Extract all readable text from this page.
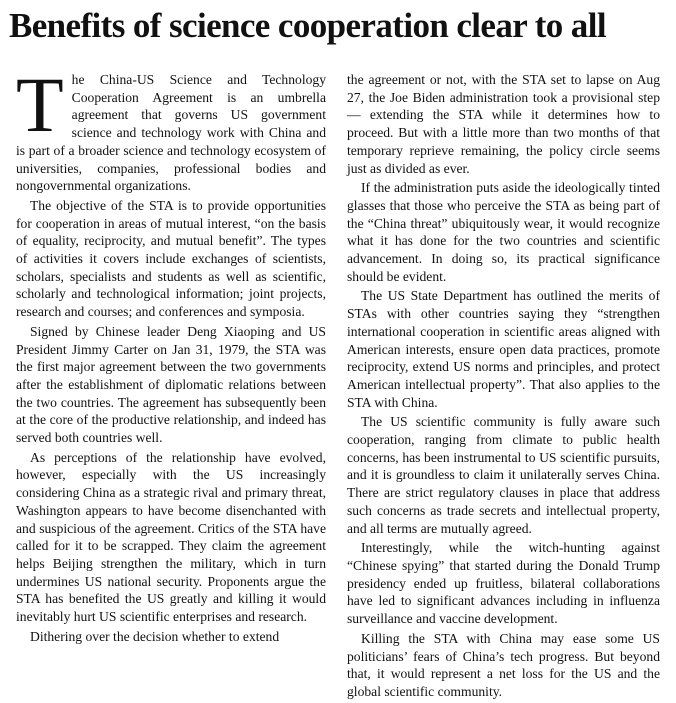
Benefits of science cooperation clear to all

The China-US Science and Technology Cooperation Agreement is an umbrella agreement that governs US government science and technology work with China and is part of a broader science and technology ecosystem of universities, companies, professional bodies and nongovernmental organizations.

The objective of the STA is to provide opportunities for cooperation in areas of mutual interest, “on the basis of equality, reciprocity, and mutual benefit”. The types of activities it covers include exchanges of scientists, scholars, specialists and students as well as scientific, scholarly and technological information; joint projects, research and courses; and conferences and symposia.

Signed by Chinese leader Deng Xiaoping and US President Jimmy Carter on Jan 31, 1979, the STA was the first major agreement between the two governments after the establishment of diplomatic relations between the two countries. The agreement has subsequently been at the core of the productive relationship, and indeed has served both countries well.

As perceptions of the relationship have evolved, however, especially with the US increasingly considering China as a strategic rival and primary threat, Washington appears to have become disenchanted with and suspicious of the agreement. Critics of the STA have called for it to be scrapped. They claim the agreement helps Beijing strengthen the military, which in turn undermines US national security. Proponents argue the STA has benefited the US greatly and killing it would inevitably hurt US scientific enterprises and research.

Dithering over the decision whether to extend

the agreement or not, with the STA set to lapse on Aug 27, the Joe Biden administration took a provisional step — extending the STA while it determines how to proceed. But with a little more than two months of that temporary reprieve remaining, the policy circle seems just as divided as ever.

If the administration puts aside the ideologically tinted glasses that those who perceive the STA as being part of the “China threat” ubiquitously wear, it would recognize what it has done for the two countries and scientific advancement. In doing so, its practical significance should be evident.

The US State Department has outlined the merits of STAs with other countries saying they “strengthen international cooperation in scientific areas aligned with American interests, ensure open data practices, promote reciprocity, extend US norms and principles, and protect American intellectual property”. That also applies to the STA with China.

The US scientific community is fully aware such cooperation, ranging from climate to public health concerns, has been instrumental to US scientific pursuits, and it is groundless to claim it unilaterally serves China. There are strict regulatory clauses in place that address such concerns as trade secrets and intellectual property, and all terms are mutually agreed.

Interestingly, while the witch-hunting against “Chinese spying” that started during the Donald Trump presidency ended up fruitless, bilateral collaborations have led to significant advances including in influenza surveillance and vaccine development.

Killing the STA with China may ease some US politicians’ fears of China’s tech progress. But beyond that, it would represent a net loss for the US and the global scientific community.
